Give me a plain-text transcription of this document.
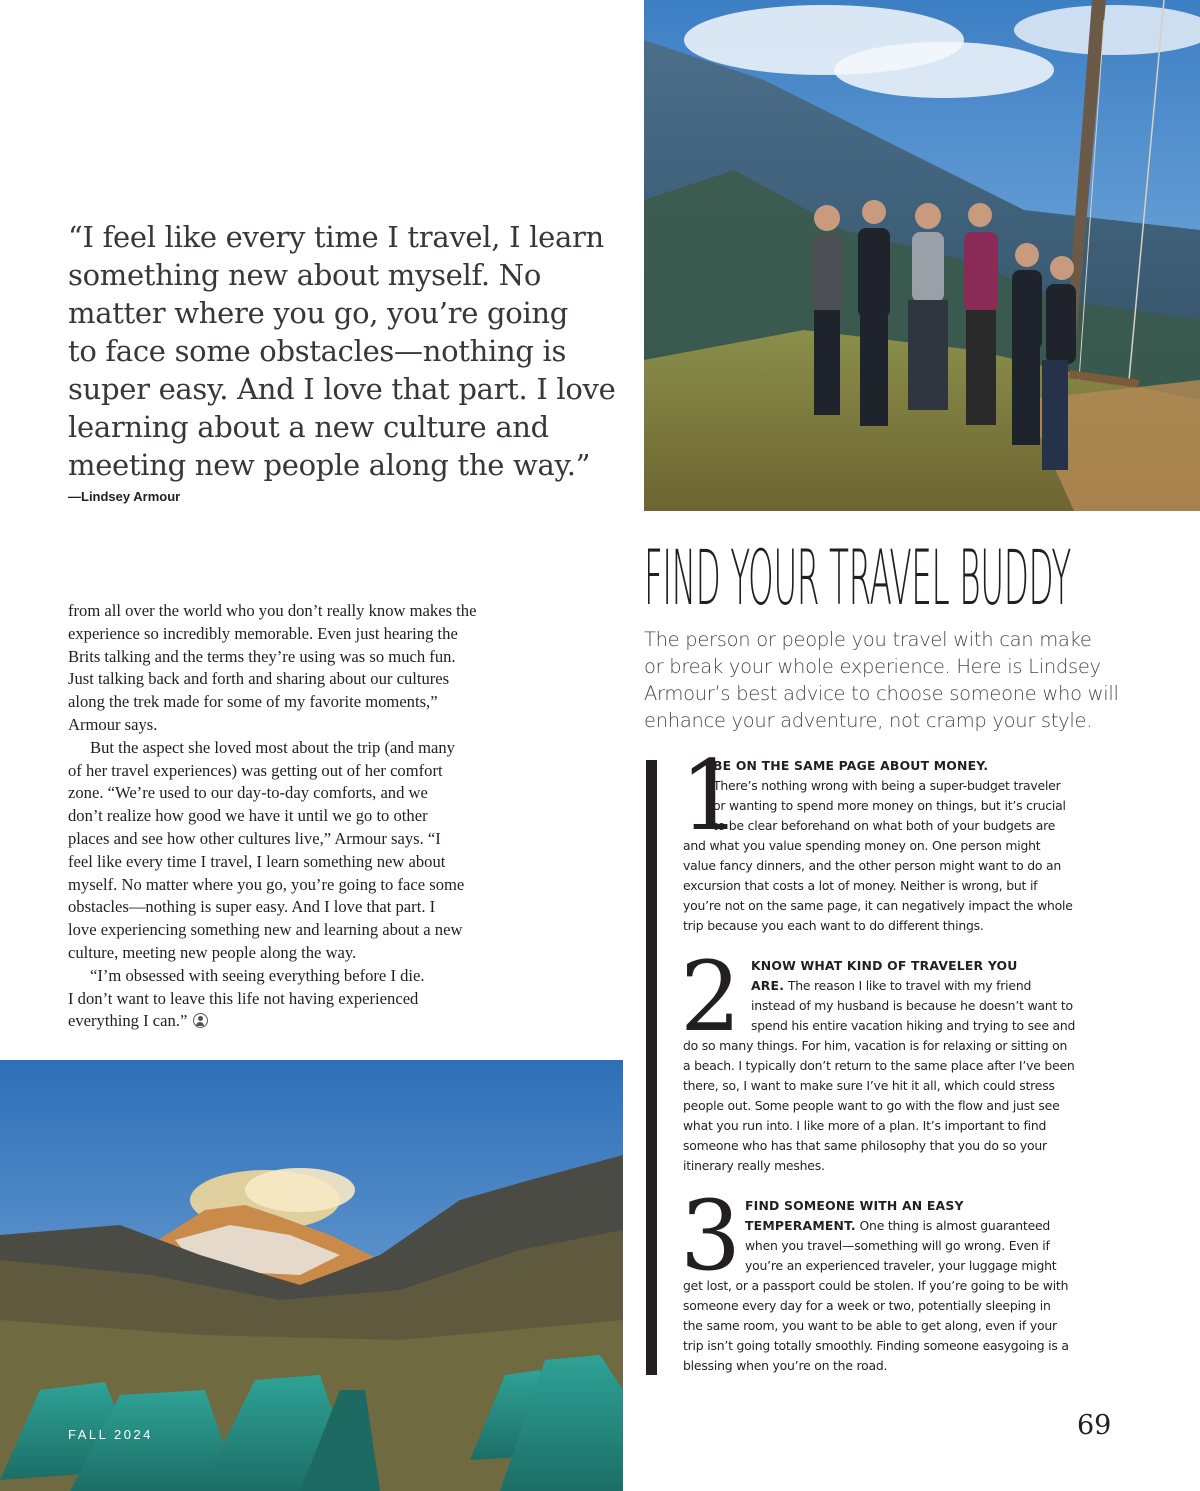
“I feel like every time I travel, I learn
something new about myself. No
matter where you go, you’re going
to face some obstacles—nothing is
super easy. And I love that part. I love
learning about a new culture and
meeting new people along the way.”
—Lindsey Armour
from all over the world who you don’t really know makes the
experience so incredibly memorable. Even just hearing the
Brits talking and the terms they’re using was so much fun.
Just talking back and forth and sharing about our cultures
along the trek made for some of my favorite moments,”
Armour says.
But the aspect she loved most about the trip (and many
of her travel experiences) was getting out of her comfort
zone. “We’re used to our day-to-day comforts, and we
don’t realize how good we have it until we go to other
places and see how other cultures live,” Armour says. “I
feel like every time I travel, I learn something new about
myself. No matter where you go, you’re going to face some
obstacles—nothing is super easy. And I love that part. I
love experiencing something new and learning about a new
culture, meeting new people along the way.
“I’m obsessed with seeing everything before I die.
I don’t want to leave this life not having experienced
everything I can.”
FALL 2024
FIND YOUR TRAVEL BUDDY
The person or people you travel with can make
or break your whole experience. Here is Lindsey
Armour’s best advice to choose someone who will
enhance your adventure, not cramp your style.
1
BE ON THE SAME PAGE ABOUT MONEY.
There’s nothing wrong with being a super-budget traveler
or wanting to spend more money on things, but it’s crucial
to be clear beforehand on what both of your budgets are
and what you value spending money on. One person might
value fancy dinners, and the other person might want to do an
excursion that costs a lot of money. Neither is wrong, but if
you’re not on the same page, it can negatively impact the whole
trip because you each want to do different things.
2 KNOW WHAT KIND OF TRAVELER YOU
ARE. The reason I like to travel with my friend
instead of my husband is because he doesn’t want to
spend his entire vacation hiking and trying to see and
do so many things. For him, vacation is for relaxing or sitting on
a beach. I typically don’t return to the same place after I’ve been
there, so, I want to make sure I’ve hit it all, which could stress
people out. Some people want to go with the flow and just see
what you run into. I like more of a plan. It’s important to find
someone who has that same philosophy that you do so your
itinerary really meshes.
3 FIND SOMEONE WITH AN EASY
TEMPERAMENT. One thing is almost guaranteed
when you travel—something will go wrong. Even if
you’re an experienced traveler, your luggage might
get lost, or a passport could be stolen. If you’re going to be with
someone every day for a week or two, potentially sleeping in
the same room, you want to be able to get along, even if your
trip isn’t going totally smoothly. Finding someone easygoing is a
blessing when you’re on the road.
69
